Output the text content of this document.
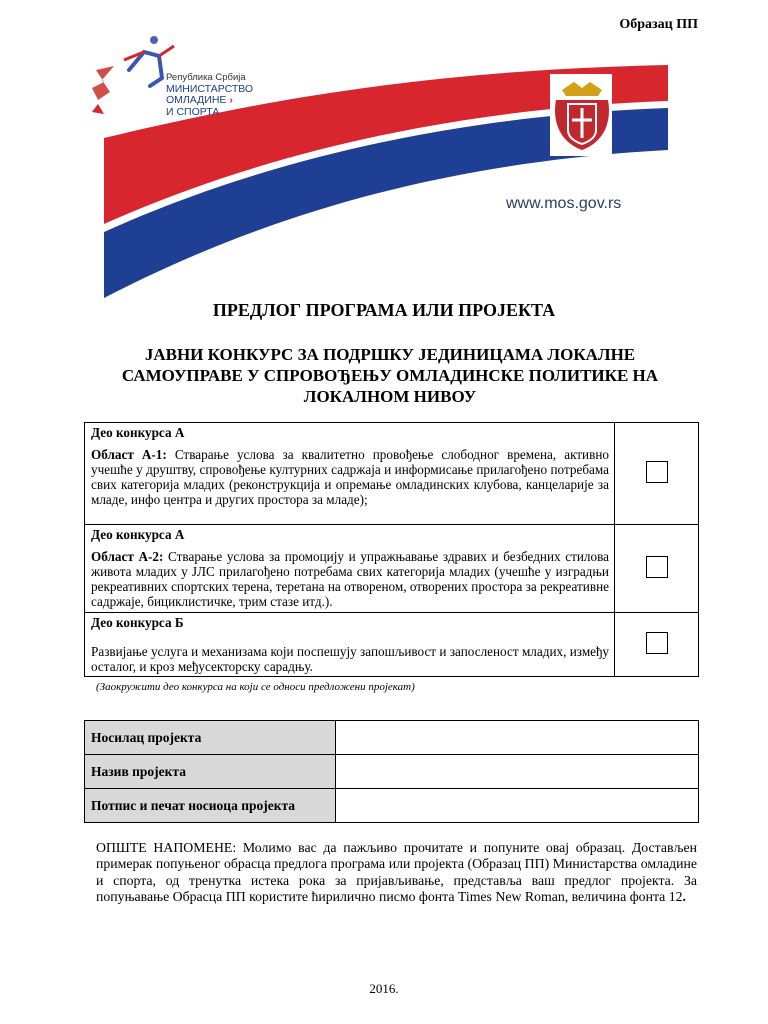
Образац ПП
Република Србија
МИНИСТАРСТВО
ОМЛАДИНЕ ›
И СПОРТА
www.mos.gov.rs
ПРЕДЛОГ ПРОГРАМА ИЛИ ПРОЈЕКТА
ЈАВНИ КОНКУРС ЗА ПОДРШКУ ЈЕДИНИЦАМА ЛОКАЛНЕ САМОУПРАВЕ У СПРОВОЂЕЊУ ОМЛАДИНСКЕ ПОЛИТИКЕ НА ЛОКАЛНОМ НИВОУ
Део конкурса А
Област А-1: Стварање услова за квалитетно провођење слободног времена, активно учешће у друштву, спровођење културних садржаја и информисање прилагођено потребама свих категорија младих (реконструкција и опремање омладинских клубова, канцеларије за младе, инфо центра и других простора за младе);	

Део конкурса А
Област А-2: Стварање услова за промоцију и упражњавање здравих и безбедних стилова живота младих у ЈЛС прилагођено потребама свих категорија младих (учешће у изградњи рекреативних спортских терена, теретана на отвореном, отворених простора за рекреативне садржаје, бициклистичке, трим стазе итд.).	

Део конкурса Б
Развијање услуга и механизама који поспешују запошљивост и запосленост младих, између осталог, и кроз међусекторску сарадњу.	

(Заокружити део конкурса на који се односи предложени пројекат)
Носилац пројекта	
Назив пројекта	
Потпис и печат носиоца пројекта	
ОПШТЕ НАПОМЕНЕ: Молимо вас да пажљиво прочитате и попуните овај образац. Достављен примерак попуњеног обрасца предлога програма или пројекта (Образац ПП) Министарства омладине и спорта, од тренутка истека рока за пријављивање, представља ваш предлог пројекта. За попуњавање Обрасца ПП користите ћирилично писмо фонта Times New Roman, величина фонта 12.
2016.
